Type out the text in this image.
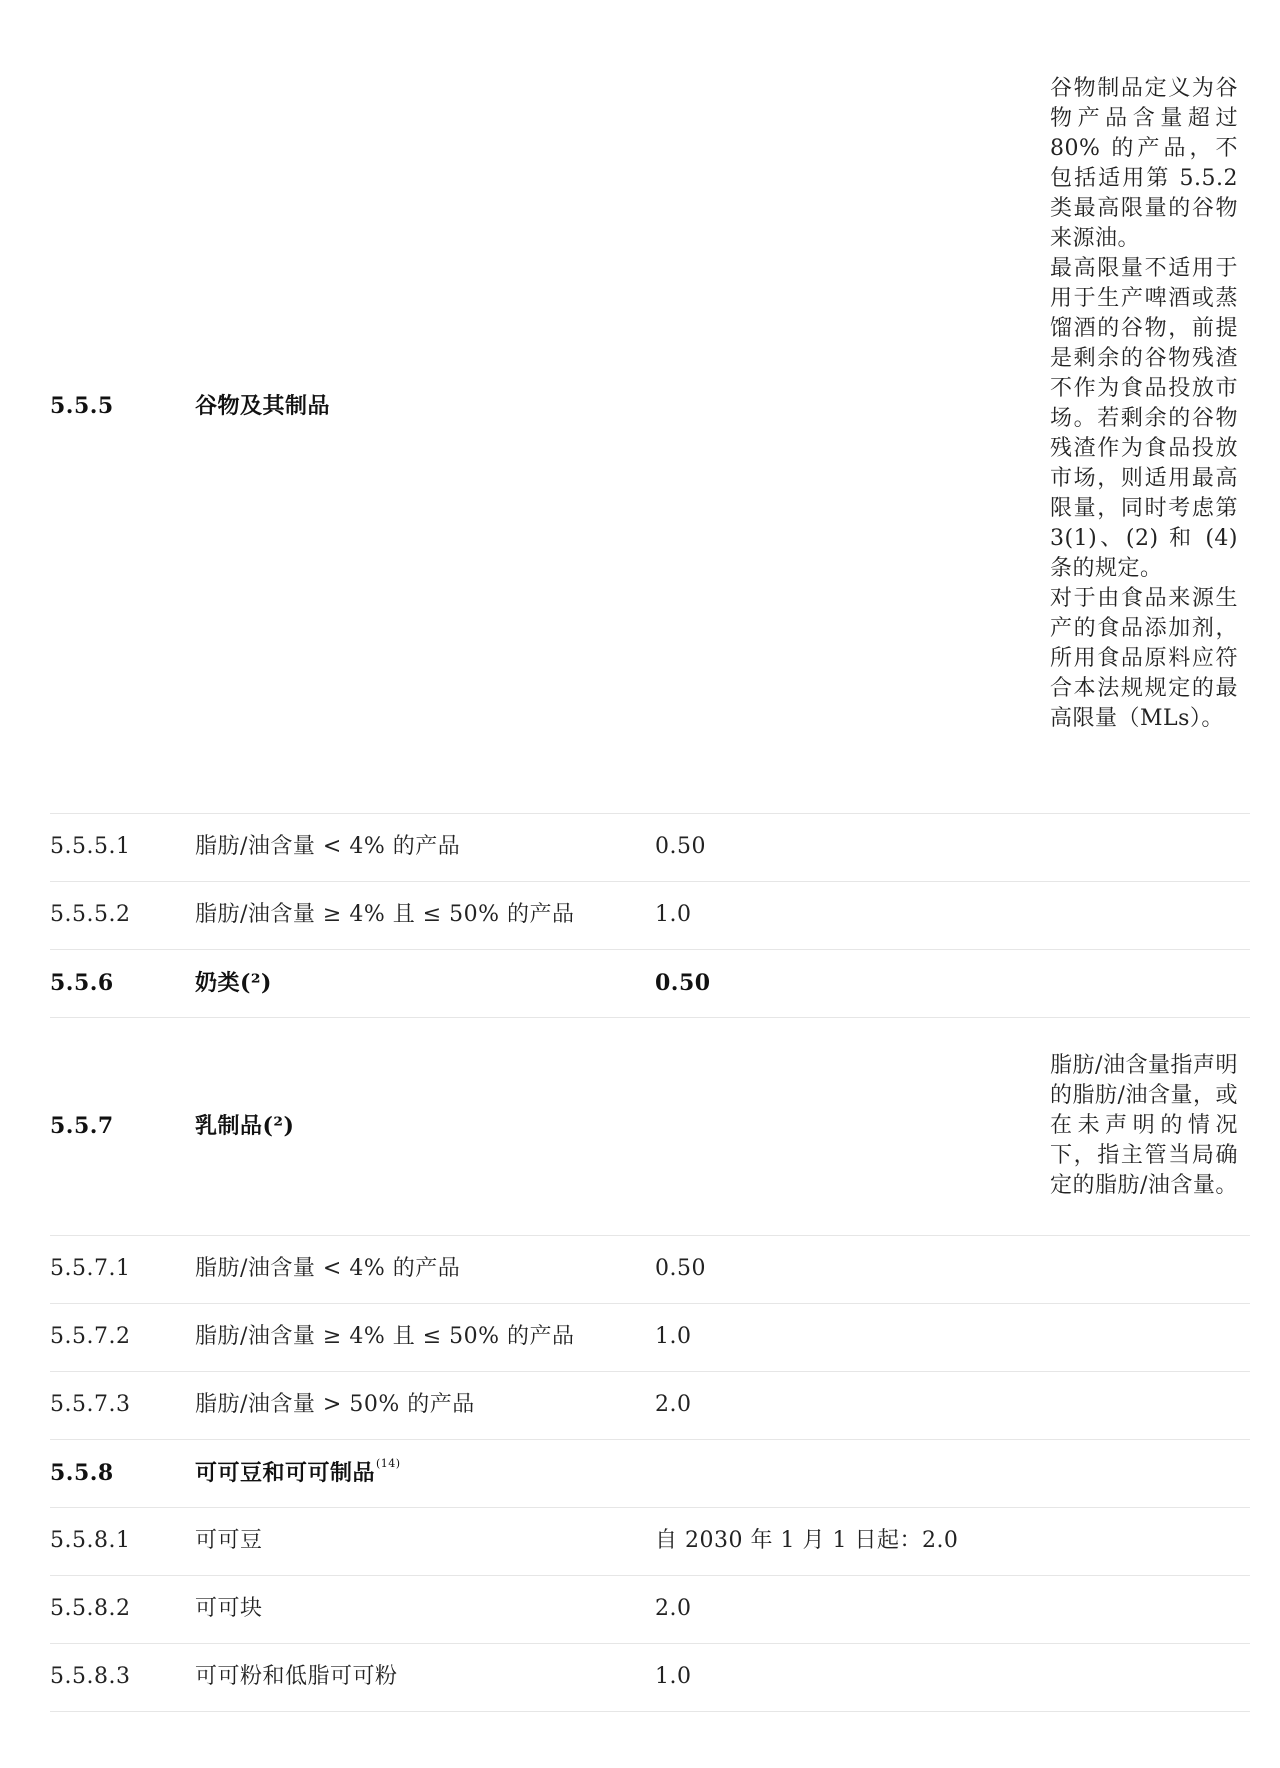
5.5.5	谷物及其制品		谷物制品定义为谷物产品含量超过 80% 的产品，不包括适用第 5.5.2 类最高限量的谷物来源油。
最高限量不适用于用于生产啤酒或蒸馏酒的谷物，前提是剩余的谷物残渣不作为食品投放市场。若剩余的谷物残渣作为食品投放市场，则适用最高限量，同时考虑第 3(1)、(2) 和 (4) 条的规定。
对于由食品来源生产的食品添加剂，所用食品原料应符合本法规规定的最高限量（MLs）。

5.5.5.1	脂肪/油含量 < 4% 的产品	0.50	
5.5.5.2	脂肪/油含量 ≥ 4% 且 ≤ 50% 的产品	1.0	
5.5.6	奶类(²)	0.50	
5.5.7	乳制品(²)		脂肪/油含量指声明的脂肪/油含量，或在未声明的情况下，指主管当局确定的脂肪/油含量。

5.5.7.1	脂肪/油含量 < 4% 的产品	0.50	
5.5.7.2	脂肪/油含量 ≥ 4% 且 ≤ 50% 的产品	1.0	
5.5.7.3	脂肪/油含量 > 50% 的产品	2.0	
5.5.8	可可豆和可可制品$^{(14)}$		
5.5.8.1	可可豆	自 2030 年 1 月 1 日起：2.0	
5.5.8.2	可可块	2.0	
5.5.8.3	可可粉和低脂可可粉	1.0	
